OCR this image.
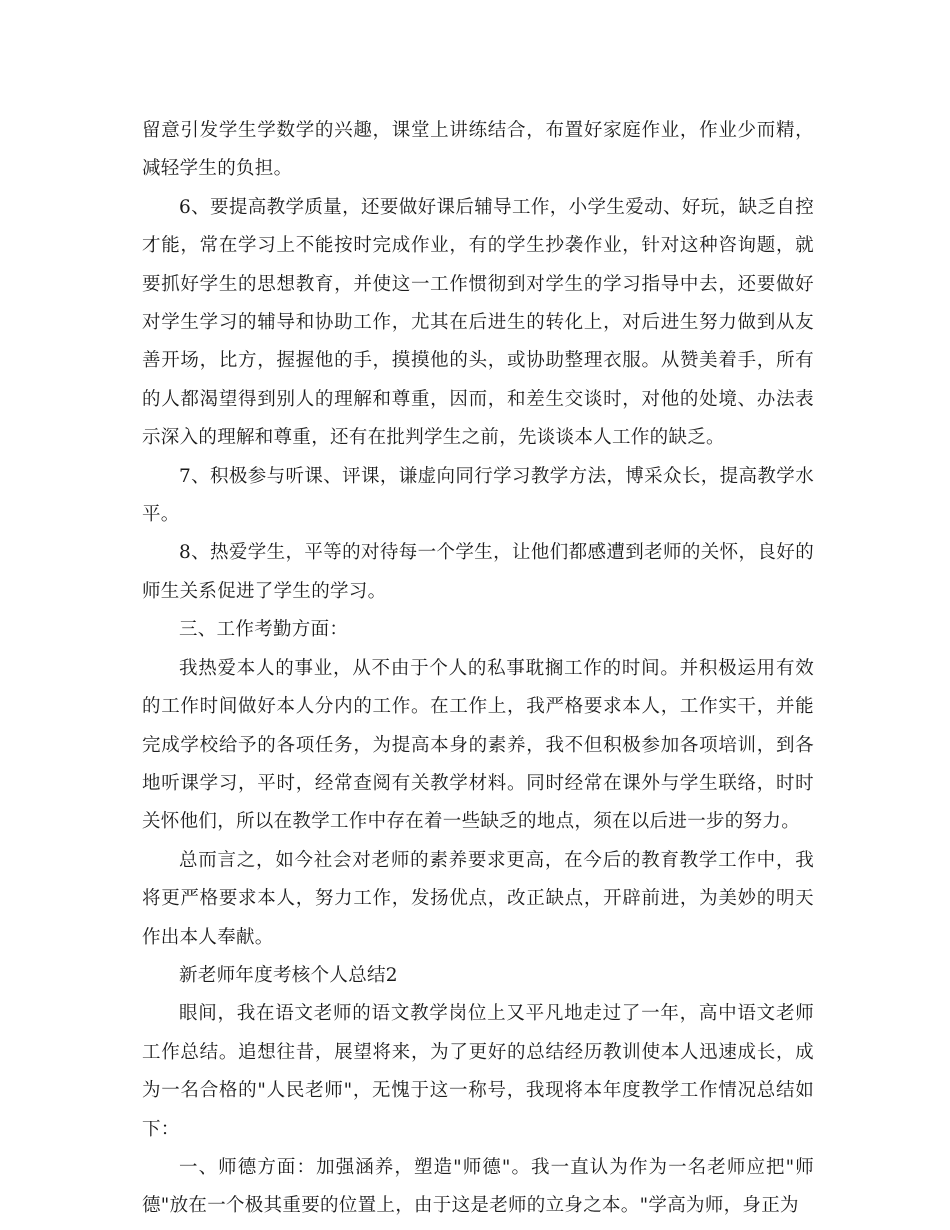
留意引发学生学数学的兴趣，课堂上讲练结合，布置好家庭作业，作业少而精，减轻学生的负担。

6、要提高教学质量，还要做好课后辅导工作，小学生爱动、好玩，缺乏自控才能，常在学习上不能按时完成作业，有的学生抄袭作业，针对这种咨询题，就要抓好学生的思想教育，并使这一工作惯彻到对学生的学习指导中去，还要做好对学生学习的辅导和协助工作，尤其在后进生的转化上，对后进生努力做到从友善开场，比方，握握他的手，摸摸他的头，或协助整理衣服。从赞美着手，所有的人都渴望得到别人的理解和尊重，因而，和差生交谈时，对他的处境、办法表示深入的理解和尊重，还有在批判学生之前，先谈谈本人工作的缺乏。

7、积极参与听课、评课，谦虚向同行学习教学方法，博采众长，提高教学水平。

8、热爱学生，平等的对待每一个学生，让他们都感遭到老师的关怀，良好的师生关系促进了学生的学习。

三、工作考勤方面：

我热爱本人的事业，从不由于个人的私事耽搁工作的时间。并积极运用有效的工作时间做好本人分内的工作。在工作上，我严格要求本人，工作实干，并能完成学校给予的各项任务，为提高本身的素养，我不但积极参加各项培训，到各地听课学习，平时，经常查阅有关教学材料。同时经常在课外与学生联络，时时关怀他们，所以在教学工作中存在着一些缺乏的地点，须在以后进一步的努力。

总而言之，如今社会对老师的素养要求更高，在今后的教育教学工作中，我将更严格要求本人，努力工作，发扬优点，改正缺点，开辟前进，为美妙的明天作出本人奉献。

新老师年度考核个人总结2

眼间，我在语文老师的语文教学岗位上又平凡地走过了一年，高中语文老师工作总结。追想往昔，展望将来，为了更好的总结经历教训使本人迅速成长，成为一名合格的"人民老师"，无愧于这一称号，我现将本年度教学工作情况总结如下：

一、师德方面：加强涵养，塑造"师德"。我一直认为作为一名老师应把"师德"放在一个极其重要的位置上，由于这是老师的立身之本。"学高为师，身正为
